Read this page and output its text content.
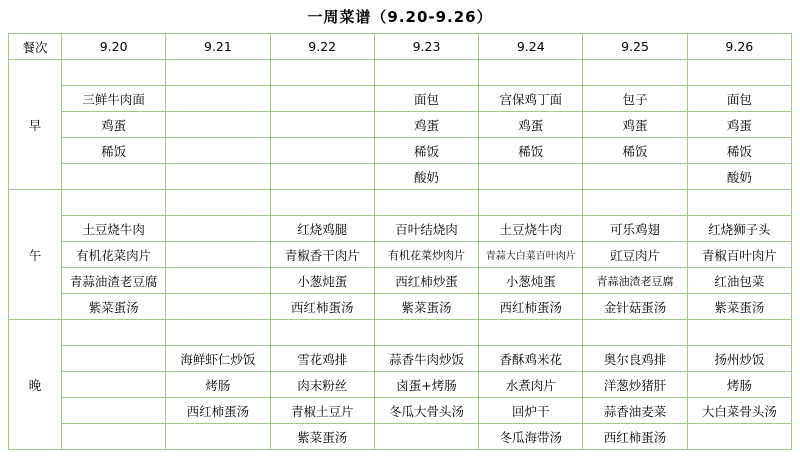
一周菜谱（9.20-9.26）
餐次	9.20	9.21	9.22	9.23	9.24	9.25	9.26
早							
	三鲜牛肉面			面包	宫保鸡丁面	包子	面包
	鸡蛋			鸡蛋	鸡蛋	鸡蛋	鸡蛋
	稀饭			稀饭	稀饭	稀饭	稀饭
				酸奶			酸奶
午							
	土豆烧牛肉		红烧鸡腿	百叶结烧肉	土豆烧牛肉	可乐鸡翅	红烧狮子头
	有机花菜肉片		青椒香干肉片	有机花菜炒肉片	青蒜大白菜百叶肉片	豇豆肉片	青椒百叶肉片
	青蒜油渣老豆腐		小葱炖蛋	西红柿炒蛋	小葱炖蛋	青蒜油渣老豆腐	红油包菜
	紫菜蛋汤		西红柿蛋汤	紫菜蛋汤	西红柿蛋汤	金针菇蛋汤	紫菜蛋汤
晚							
		海鲜虾仁炒饭	雪花鸡排	蒜香牛肉炒饭	香酥鸡米花	奥尔良鸡排	扬州炒饭
		烤肠	肉末粉丝	卤蛋+烤肠	水煮肉片	洋葱炒猪肝	烤肠
		西红柿蛋汤	青椒土豆片	冬瓜大骨头汤	回炉干	蒜香油麦菜	大白菜骨头汤
			紫菜蛋汤		冬瓜海带汤	西红柿蛋汤	
